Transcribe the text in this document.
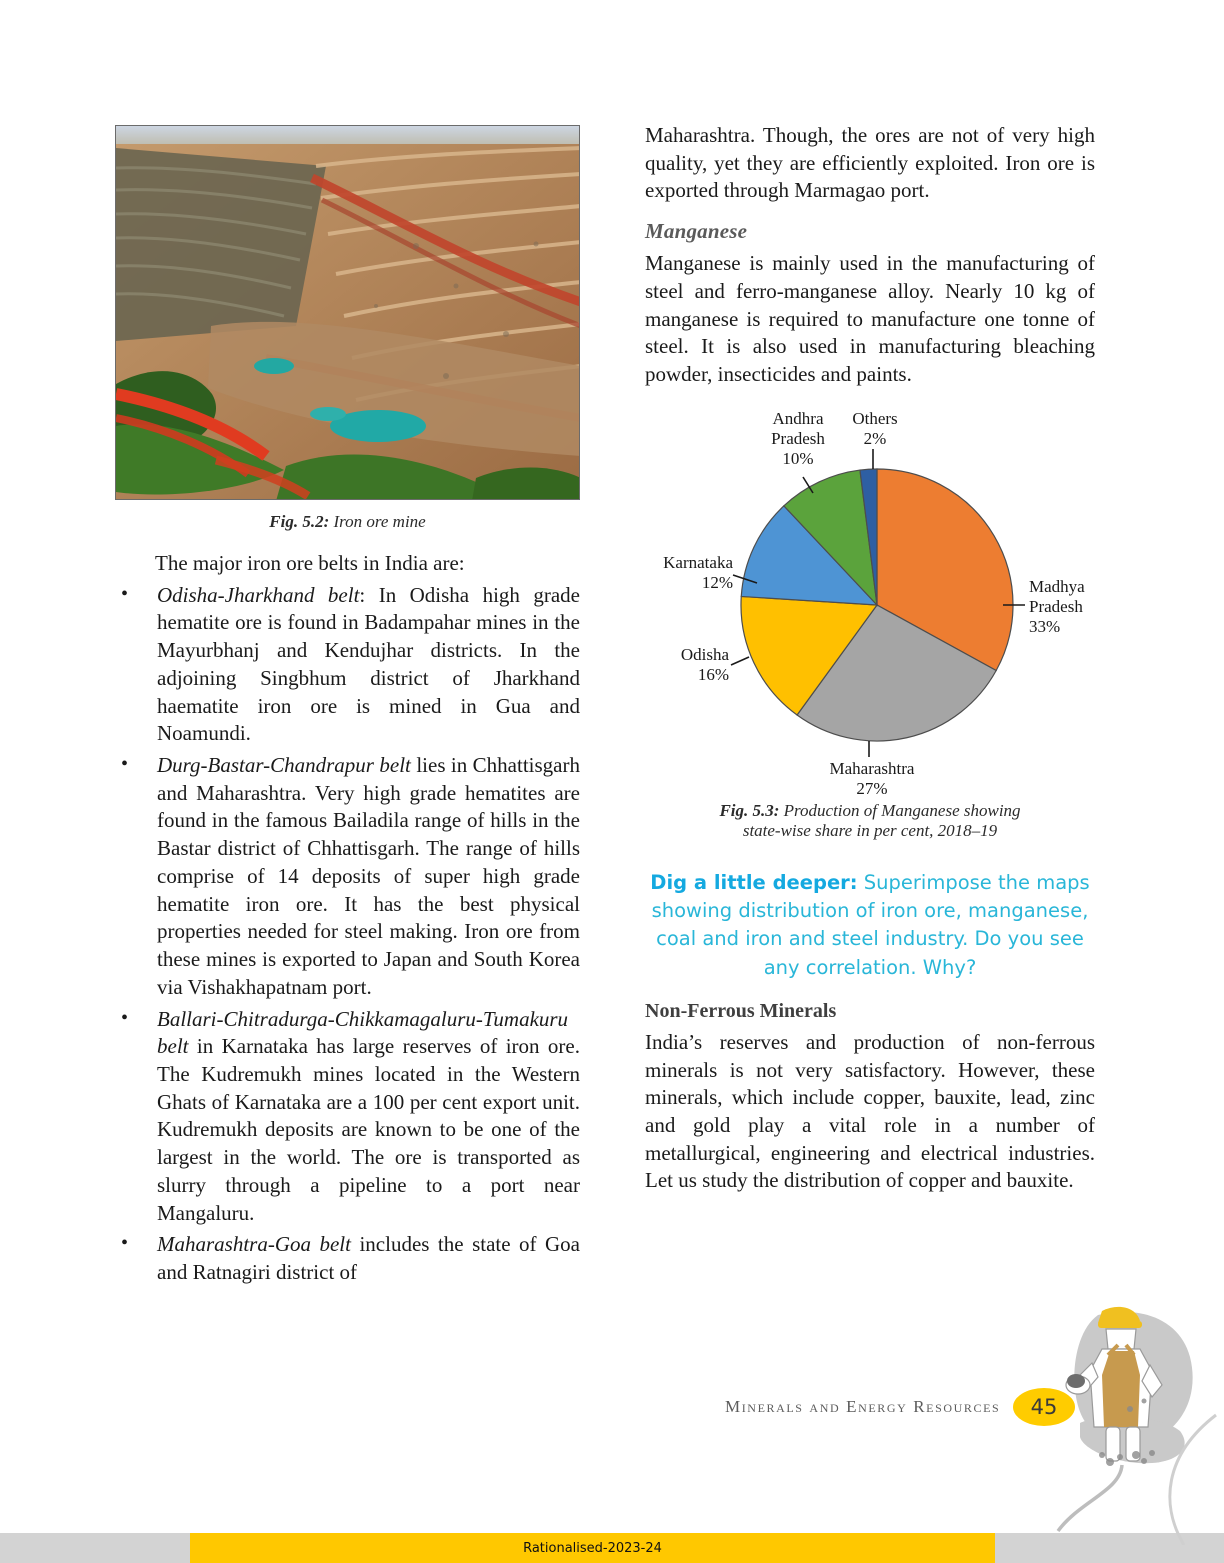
Fig. 5.2: Iron ore mine

The major iron ore belts in India are:

• Odisha-Jharkhand belt: In Odisha high grade hematite ore is found in Badampahar mines in the Mayurbhanj and Kendujhar districts. In the adjoining Singbhum district of Jharkhand haematite iron ore is mined in Gua and Noamundi.
• Durg-Bastar-Chandrapur belt lies in Chhattisgarh and Maharashtra. Very high grade hematites are found in the famous Bailadila range of hills in the Bastar district of Chhattisgarh. The range of hills comprise of 14 deposits of super high grade hematite iron ore. It has the best physical properties needed for steel making. Iron ore from these mines is exported to Japan and South Korea via Vishakhapatnam port.
• Ballari-Chitradurga-Chikkamagaluru-Tumakuru belt in Karnataka has large reserves of iron ore. The Kudremukh mines located in the Western Ghats of Karnataka are a 100 per cent export unit. Kudremukh deposits are known to be one of the largest in the world. The ore is transported as slurry through a pipeline to a port near Mangaluru.
• Maharashtra-Goa belt includes the state of Goa and Ratnagiri district of

Maharashtra. Though, the ores are not of very high quality, yet they are efficiently exploited. Iron ore is exported through Marmagao port.

Manganese

Manganese is mainly used in the manufacturing of steel and ferro-manganese alloy. Nearly 10 kg of manganese is required to manufacture one tonne of steel. It is also used in manufacturing bleaching powder, insecticides and paints.

Madhya
Pradesh
33%
Maharashtra
27%
Odisha
16%
Karnataka
12%
Andhra
Pradesh
10%
Others
2%
Fig. 5.3: Production of Manganese showing
state-wise share in per cent, 2018–19
Dig a little deeper: Superimpose the maps showing distribution of iron ore, manganese, coal and iron and steel industry. Do you see any correlation. Why?
Non-Ferrous Minerals

India’s reserves and production of non-ferrous minerals is not very satisfactory. However, these minerals, which include copper, bauxite, lead, zinc and gold play a vital role in a number of metallurgical, engineering and electrical industries. Let us study the distribution of copper and bauxite.

Minerals and Energy Resources	45
Rationalised-2023-24
